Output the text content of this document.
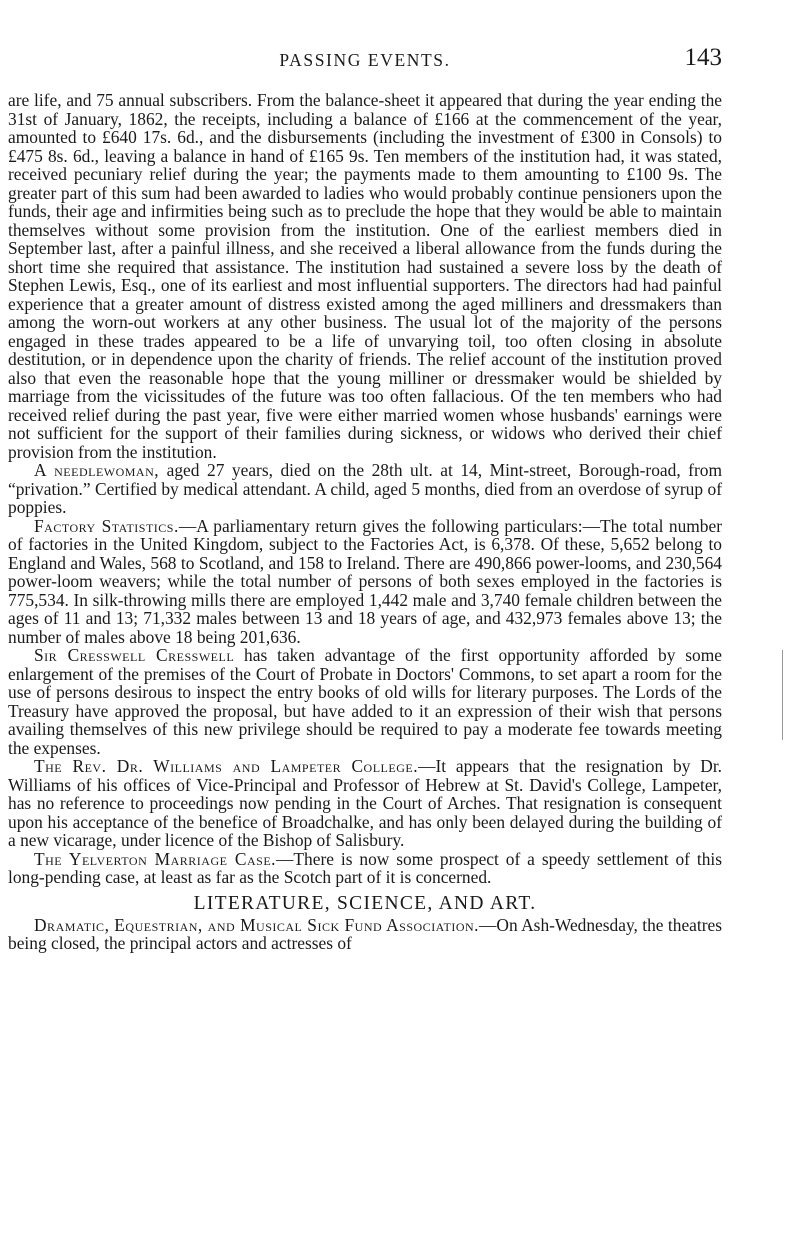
PASSING EVENTS.	143

are life, and 75 annual subscribers. From the balance-sheet it appeared that during the year ending the 31st of January, 1862, the receipts, including a balance of £166 at the commencement of the year, amounted to £640 17s. 6d., and the disbursements (including the investment of £300 in Consols) to £475 8s. 6d., leaving a balance in hand of £165 9s. Ten members of the institution had, it was stated, received pecuniary relief during the year; the payments made to them amounting to £100 9s. The greater part of this sum had been awarded to ladies who would probably continue pensioners upon the funds, their age and infirmities being such as to preclude the hope that they would be able to maintain themselves without some provision from the institution. One of the earliest members died in September last, after a painful illness, and she received a liberal allowance from the funds during the short time she required that assistance. The institution had sustained a severe loss by the death of Stephen Lewis, Esq., one of its earliest and most influential supporters. The directors had had painful experience that a greater amount of distress existed among the aged milliners and dressmakers than among the worn-out workers at any other business. The usual lot of the majority of the persons engaged in these trades appeared to be a life of unvarying toil, too often closing in absolute destitution, or in dependence upon the charity of friends. The relief account of the institution proved also that even the reasonable hope that the young milliner or dressmaker would be shielded by marriage from the vicissitudes of the future was too often fallacious. Of the ten members who had received relief during the past year, five were either married women whose husbands' earnings were not sufficient for the support of their families during sickness, or widows who derived their chief provision from the institution.

A needlewoman, aged 27 years, died on the 28th ult. at 14, Mint-street, Borough-road, from “privation.” Certified by medical attendant. A child, aged 5 months, died from an overdose of syrup of poppies.

Factory Statistics.—A parliamentary return gives the following particulars:—The total number of factories in the United Kingdom, subject to the Factories Act, is 6,378. Of these, 5,652 belong to England and Wales, 568 to Scotland, and 158 to Ireland. There are 490,866 power-looms, and 230,564 power-loom weavers; while the total number of persons of both sexes employed in the factories is 775,534. In silk-throwing mills there are employed 1,442 male and 3,740 female children between the ages of 11 and 13; 71,332 males between 13 and 18 years of age, and 432,973 females above 13; the number of males above 18 being 201,636.

Sir Cresswell Cresswell has taken advantage of the first opportunity afforded by some enlargement of the premises of the Court of Probate in Doctors' Commons, to set apart a room for the use of persons desirous to inspect the entry books of old wills for literary purposes. The Lords of the Treasury have approved the proposal, but have added to it an expression of their wish that persons availing themselves of this new privilege should be required to pay a moderate fee towards meeting the expenses.

The Rev. Dr. Williams and Lampeter College.—It appears that the resignation by Dr. Williams of his offices of Vice-Principal and Professor of Hebrew at St. David's College, Lampeter, has no reference to proceedings now pending in the Court of Arches. That resignation is consequent upon his acceptance of the benefice of Broadchalke, and has only been delayed during the building of a new vicarage, under licence of the Bishop of Salisbury.

The Yelverton Marriage Case.—There is now some prospect of a speedy settlement of this long-pending case, at least as far as the Scotch part of it is concerned.

LITERATURE, SCIENCE, AND ART.

Dramatic, Equestrian, and Musical Sick Fund Association.—On Ash-Wednesday, the theatres being closed, the principal actors and actresses of
